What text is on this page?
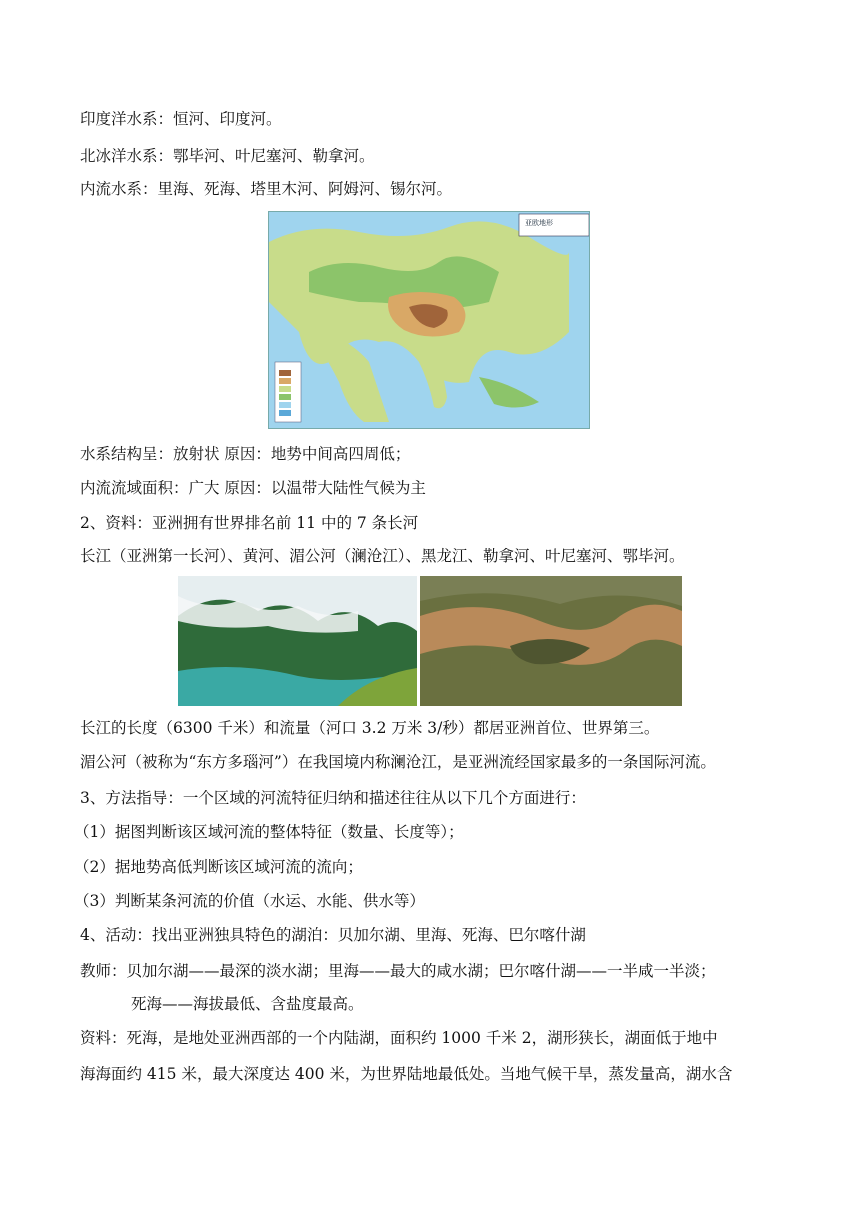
印度洋水系：恒河、印度河。
北冰洋水系：鄂毕河、叶尼塞河、勒拿河。
内流水系：里海、死海、塔里木河、阿姆河、锡尔河。
亚欧地形
水系结构呈：放射状 原因：地势中间高四周低；
内流流域面积：广大 原因：以温带大陆性气候为主
2、资料：亚洲拥有世界排名前 11 中的 7 条长河
长江（亚洲第一长河）、黄河、湄公河（澜沧江）、黑龙江、勒拿河、叶尼塞河、鄂毕河。
长江的长度（6300 千米）和流量（河口 3.2 万米 3/秒）都居亚洲首位、世界第三。
湄公河（被称为“东方多瑙河”）在我国境内称澜沧江，是亚洲流经国家最多的一条国际河流。
3、方法指导：一个区域的河流特征归纳和描述往往从以下几个方面进行：
（1）据图判断该区域河流的整体特征（数量、长度等）；
（2）据地势高低判断该区域河流的流向；
（3）判断某条河流的价值（水运、水能、供水等）
4、活动：找出亚洲独具特色的湖泊：贝加尔湖、里海、死海、巴尔喀什湖
教师：贝加尔湖——最深的淡水湖；里海——最大的咸水湖；巴尔喀什湖——一半咸一半淡；
死海——海拔最低、含盐度最高。
资料：死海，是地处亚洲西部的一个内陆湖，面积约 1000 千米 2，湖形狭长，湖面低于地中
海海面约 415 米，最大深度达 400 米，为世界陆地最低处。当地气候干旱，蒸发量高，湖水含
